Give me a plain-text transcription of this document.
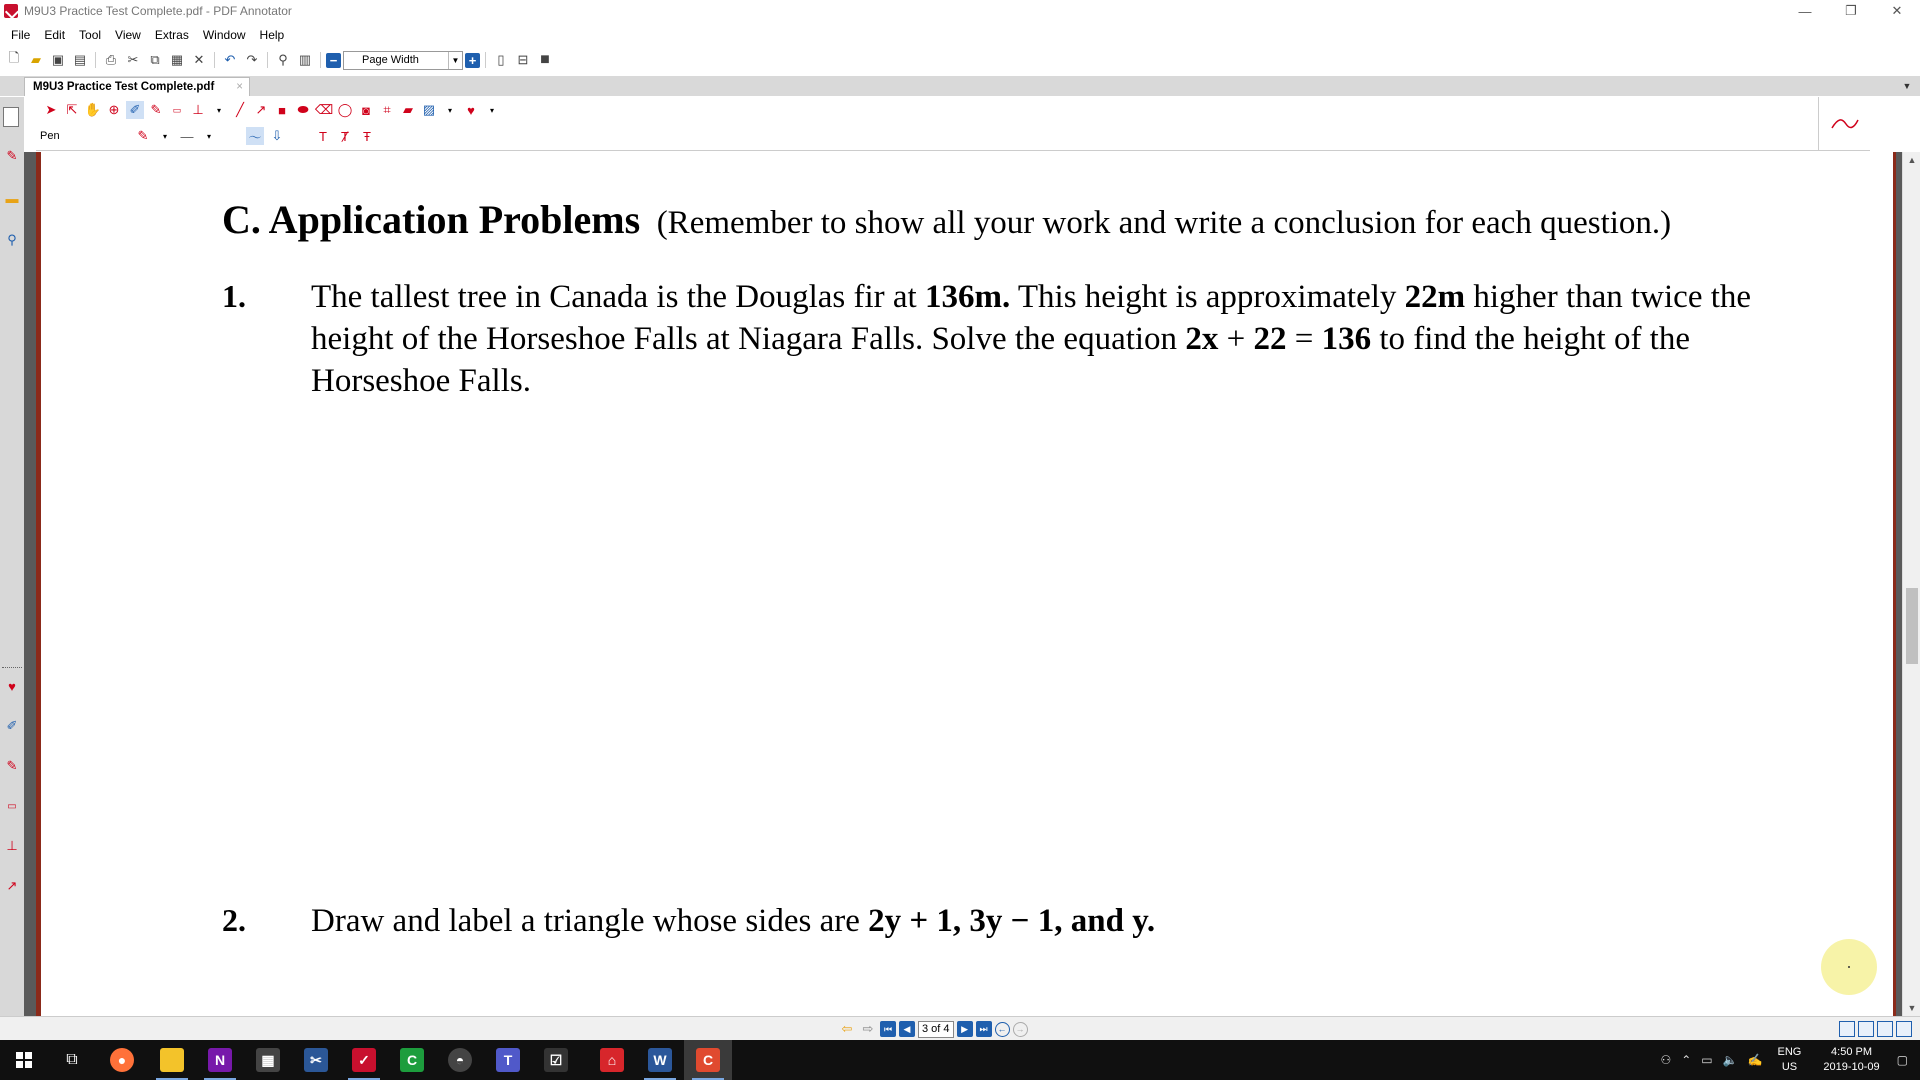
M9U3 Practice Test Complete.pdf - PDF Annotator	—	❐	✕
File	Edit	Tool	View	Extras	Window	Help
🗋 ▰ ▣ ▤	⎙ ✂ ⧉ ▦ ✕	↶ ↷	⚲ ▥ −	Page Width	▼ +	▯ ⊟ ■
M9U3 Practice Test Complete.pdf ×	▼
✎
▬
⚲
♥
✐
✎
▭
⊥
↗
➤ ⇱ ✋ ⊕ ✐ ✎	▭ ⊥	▾	╱ ↗ ■ ⬬ ⌫ ◯ ◙	⌗ ▰ ▨	▾	♥	▾
Pen	✎	▾	—	▾	〜 ⇩	T	Ⱦ	Ŧ
C. Application Problems (Remember to show all your work and write a conclusion for each question.)
1. The tallest tree in Canada is the Douglas fir at 136m. This height is approximately 22m higher than twice the height of the Horseshoe Falls at Niagara Falls. Solve the equation 2x + 22 = 136 to find the height of the Horseshoe Falls.
2. Draw and label a triangle whose sides are 2y + 1, 3y − 1, and y.
▲
▼
⇦ ⇨	⏮	◀	3 of 4	▶	⏭	←	→
⧉	●	N	▦	✂	✓	C	◓	T	☑	⌂	W	C	⚇ ⌃ ▭ 🔈 ✍
ENG
US
4:50 PM
2019-10-09 ▢
